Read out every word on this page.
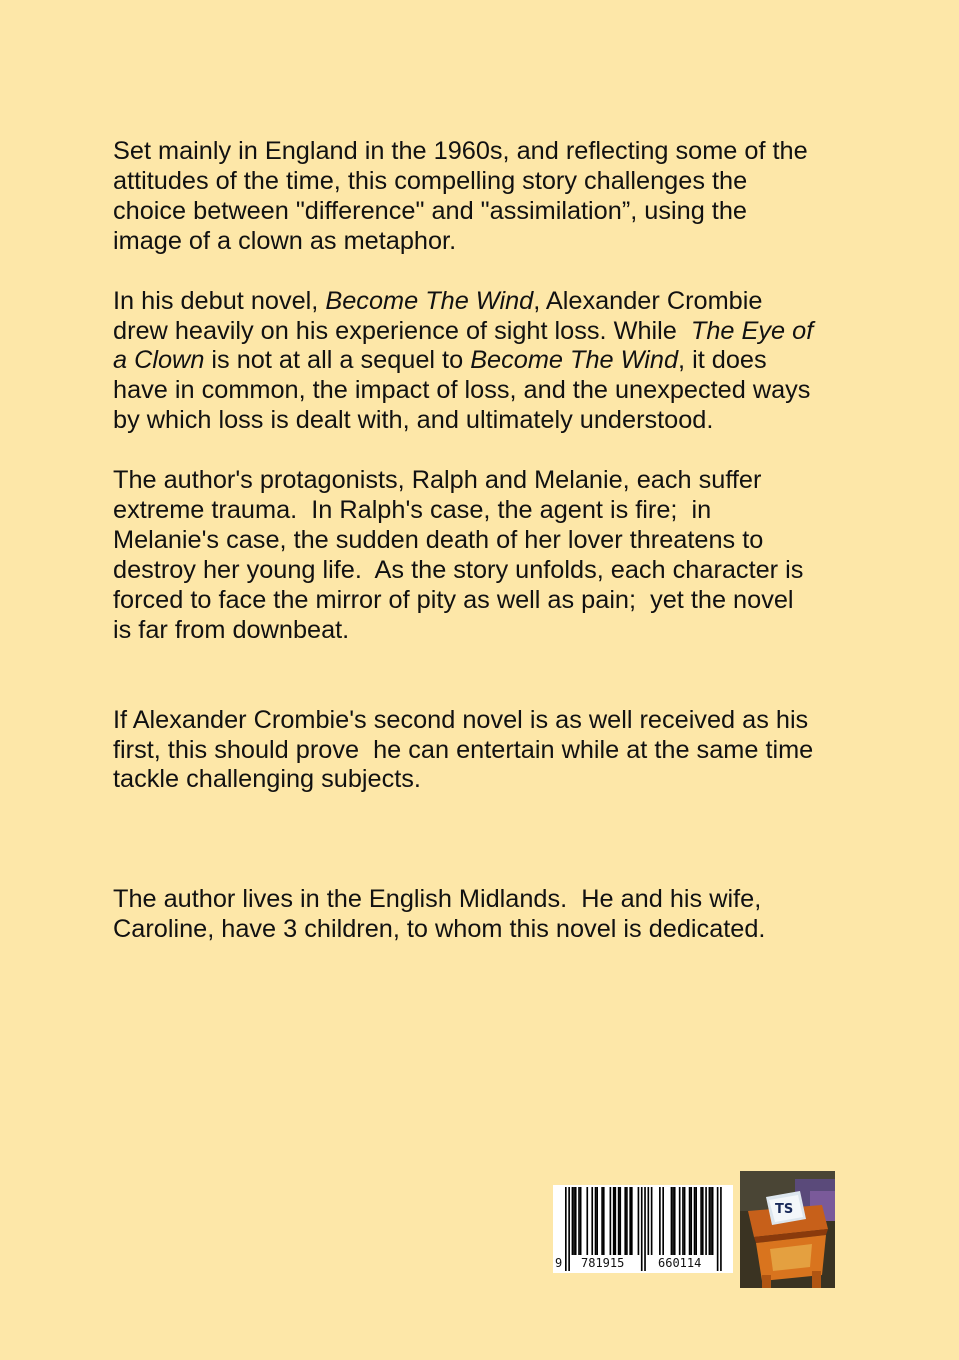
Set mainly in England in the 1960s, and reflecting some of the
attitudes of the time, this compelling story challenges the
choice between "difference" and "assimilation”, using the
image of a clown as metaphor.

In his debut novel, Become The Wind, Alexander Crombie
drew heavily on his experience of sight loss. While  The Eye of
a Clown is not at all a sequel to Become The Wind, it does
have in common, the impact of loss, and the unexpected ways
by which loss is dealt with, and ultimately understood.

The author's protagonists, Ralph and Melanie, each suffer
extreme trauma.  In Ralph's case, the agent is fire;  in
Melanie's case, the sudden death of her lover threatens to
destroy her young life.  As the story unfolds, each character is
forced to face the mirror of pity as well as pain;  yet the novel
is far from downbeat.

If Alexander Crombie's second novel is as well received as his
first, this should prove  he can entertain while at the same time
tackle challenging subjects.

The author lives in the English Midlands.  He and his wife,
Caroline, have 3 children, to whom this novel is dedicated.

9 781915	660114
TS
